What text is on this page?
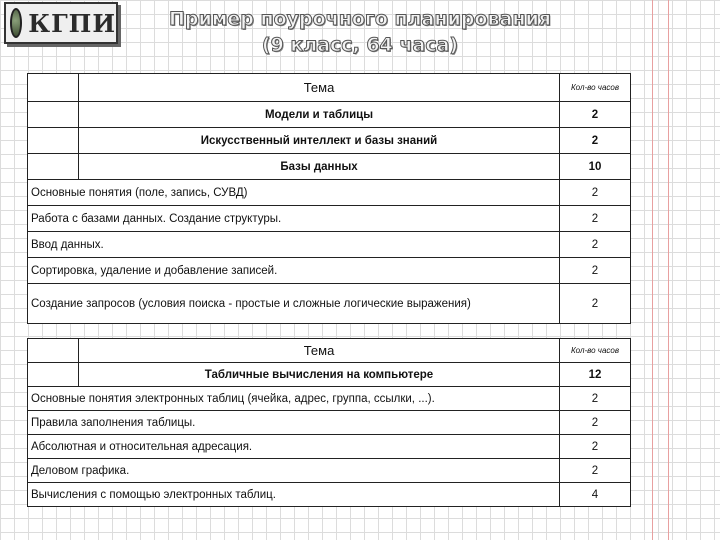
КГПИ	Пример поурочного планирования
(9 класс, 64 часа)
	Тема	Кол-во часов
	Модели и таблицы	2
	Искусственный интеллект и базы знаний	2
	Базы данных	10
Основные понятия (поле, запись, СУВД)		2
Работа с базами данных. Создание структуры.		2
Ввод данных.		2
Сортировка, удаление и добавление записей.		2
Создание запросов (условия поиска - простые и сложные логические выражения)		2
	Тема	Кол-во часов
	Табличные вычисления на компьютере	12
Основные понятия электронных таблиц (ячейка, адрес, группа, ссылки, ...).		2
Правила заполнения таблицы.		2
Абсолютная и относительная адресация.		2
Деловом графика.		2
Вычисления с помощью электронных таблиц.		4
